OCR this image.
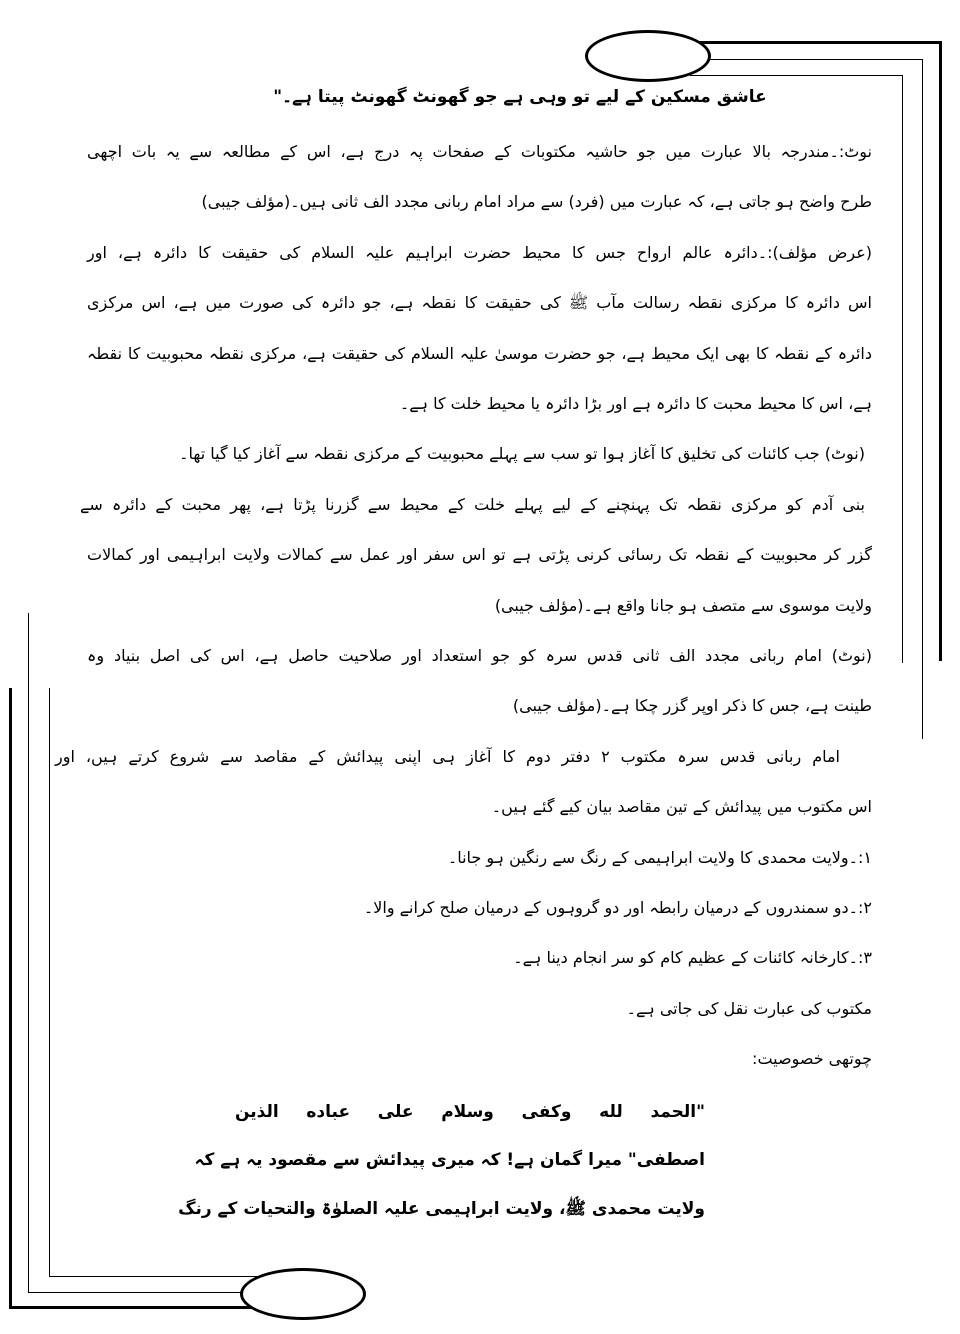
عاشق مسکین کے لیے تو وہی ہے جو گھونٹ گھونٹ پیتا ہے۔"
نوٹ:۔مندرجہ بالا عبارت میں جو حاشیہ مکتوبات کے صفحات پہ درج ہے، اس کے مطالعہ سے یہ بات اچھی
طرح واضح ہو جاتی ہے، کہ عبارت میں (فرد) سے مراد امام ربانی مجدد الف ثانی ہیں۔(مؤلف جیبی)
(عرض مؤلف):۔دائرہ عالم ارواح جس کا محیط حضرت ابراہیم علیہ السلام کی حقیقت کا دائرہ ہے، اور
اس دائرہ کا مرکزی نقطہ رسالت مآب ﷺ کی حقیقت کا نقطہ ہے، جو دائرہ کی صورت میں ہے، اس مرکزی
دائرہ کے نقطہ کا بھی ایک محیط ہے، جو حضرت موسیٰ علیہ السلام کی حقیقت ہے، مرکزی نقطہ محبوبیت کا نقطہ
ہے، اس کا محیط محبت کا دائرہ ہے اور بڑا دائرہ یا محیط خلت کا ہے۔
(نوٹ) جب کائنات کی تخلیق کا آغاز ہوا تو سب سے پہلے محبوبیت کے مرکزی نقطہ سے آغاز کیا گیا تھا۔
بنی آدم کو مرکزی نقطہ تک پہنچنے کے لیے پہلے خلت کے محیط سے گزرنا پڑتا ہے، پھر محبت کے دائرہ سے
گزر کر محبوبیت کے نقطہ تک رسائی کرنی پڑتی ہے تو اس سفر اور عمل سے کمالات ولایت ابراہیمی اور کمالات
ولایت موسوی سے متصف ہو جانا واقع ہے۔(مؤلف جیبی)
(نوٹ) امام ربانی مجدد الف ثانی قدس سرہ کو جو استعداد اور صلاحیت حاصل ہے، اس کی اصل بنیاد وہ
طینت ہے، جس کا ذکر اوپر گزر چکا ہے۔(مؤلف جیبی)
امام ربانی قدس سرہ مکتوب ۲ دفتر دوم کا آغاز ہی اپنی پیدائش کے مقاصد سے شروع کرتے ہیں، اور
اس مکتوب میں پیدائش کے تین مقاصد بیان کیے گئے ہیں۔
۱:۔ولایت محمدی کا ولایت ابراہیمی کے رنگ سے رنگین ہو جانا۔
۲:۔دو سمندروں کے درمیان رابطہ اور دو گروہوں کے درمیان صلح کرانے والا۔
۳:۔کارخانہ کائنات کے عظیم کام کو سر انجام دینا ہے۔
مکتوب کی عبارت نقل کی جاتی ہے۔
چوتھی خصوصیت:
"الحمد لله وكفى وسلام على عباده الذين
اصطفى" میرا گمان ہے! کہ میری پیدائش سے مقصود یہ ہے کہ
ولایت محمدی ﷺ، ولایت ابراہیمی علیہ الصلوٰۃ والتحیات کے رنگ
